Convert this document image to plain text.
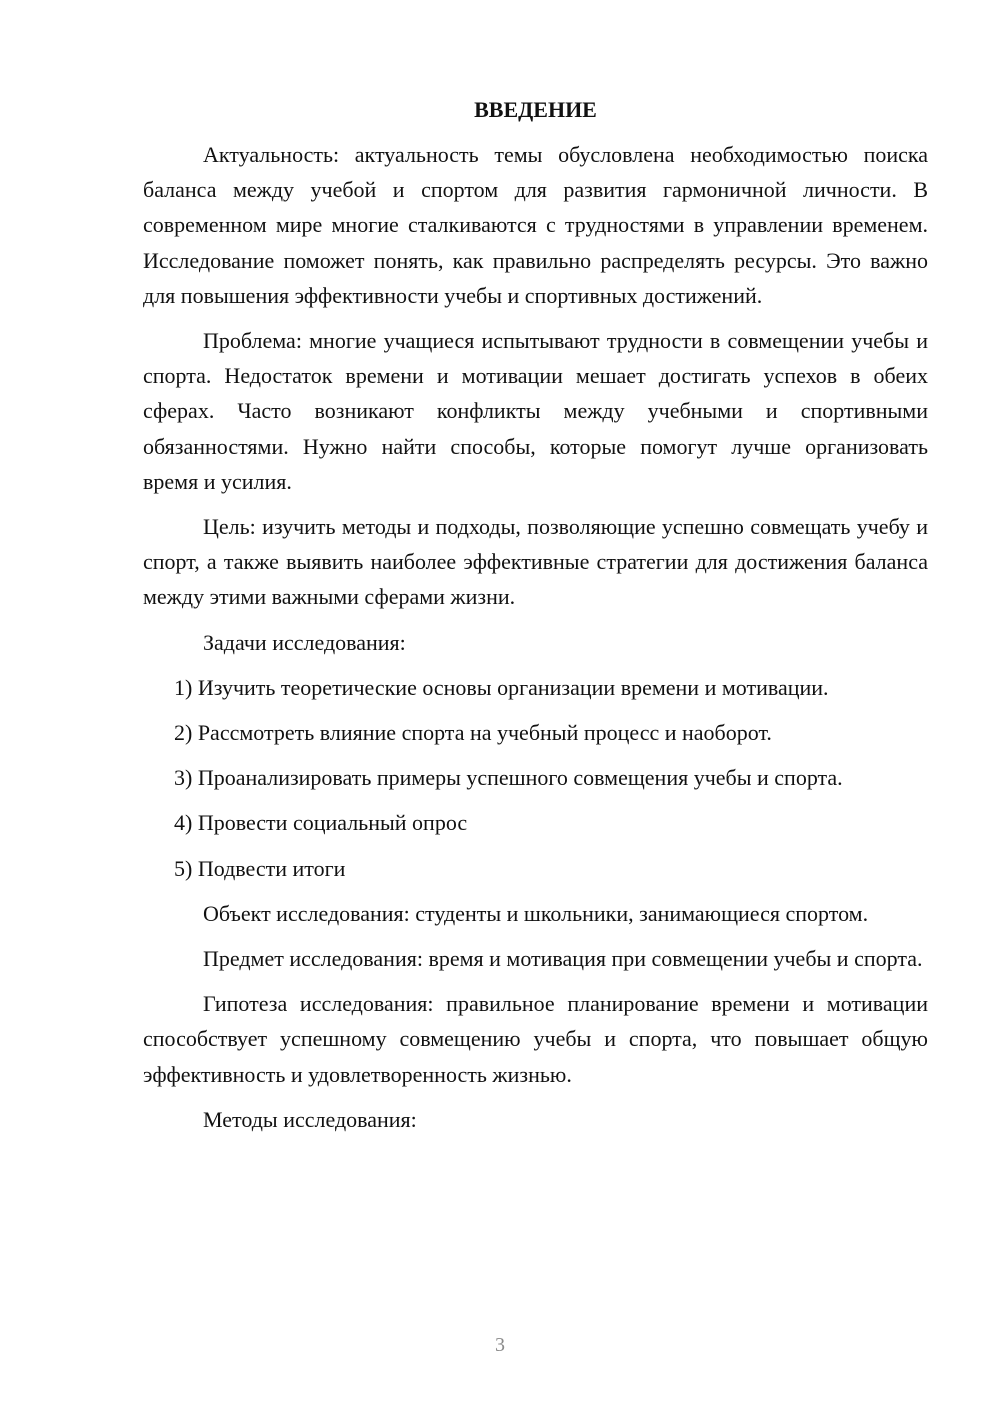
ВВЕДЕНИЕ

Актуальность: актуальность темы обусловлена необходимостью поиска баланса между учебой и спортом для развития гармоничной личности. В современном мире многие сталкиваются с трудностями в управлении временем. Исследование поможет понять, как правильно распределять ресурсы. Это важно для повышения эффективности учебы и спортивных достижений.

Проблема: многие учащиеся испытывают трудности в совмещении учебы и спорта. Недостаток времени и мотивации мешает достигать успехов в обеих сферах. Часто возникают конфликты между учебными и спортивными обязанностями. Нужно найти способы, которые помогут лучше организовать время и усилия.

Цель: изучить методы и подходы, позволяющие успешно совмещать учебу и спорт, а также выявить наиболее эффективные стратегии для достижения баланса между этими важными сферами жизни.

Задачи исследования:

1) Изучить теоретические основы организации времени и мотивации.

2) Рассмотреть влияние спорта на учебный процесс и наоборот.

3) Проанализировать примеры успешного совмещения учебы и спорта.

4) Провести социальный опрос

5) Подвести итоги

Объект исследования: студенты и школьники, занимающиеся спортом.

Предмет исследования: время и мотивация при совмещении учебы и спорта.

Гипотеза исследования: правильное планирование времени и мотивации способствует успешному совмещению учебы и спорта, что повышает общую эффективность и удовлетворенность жизнью.

Методы исследования:

3
